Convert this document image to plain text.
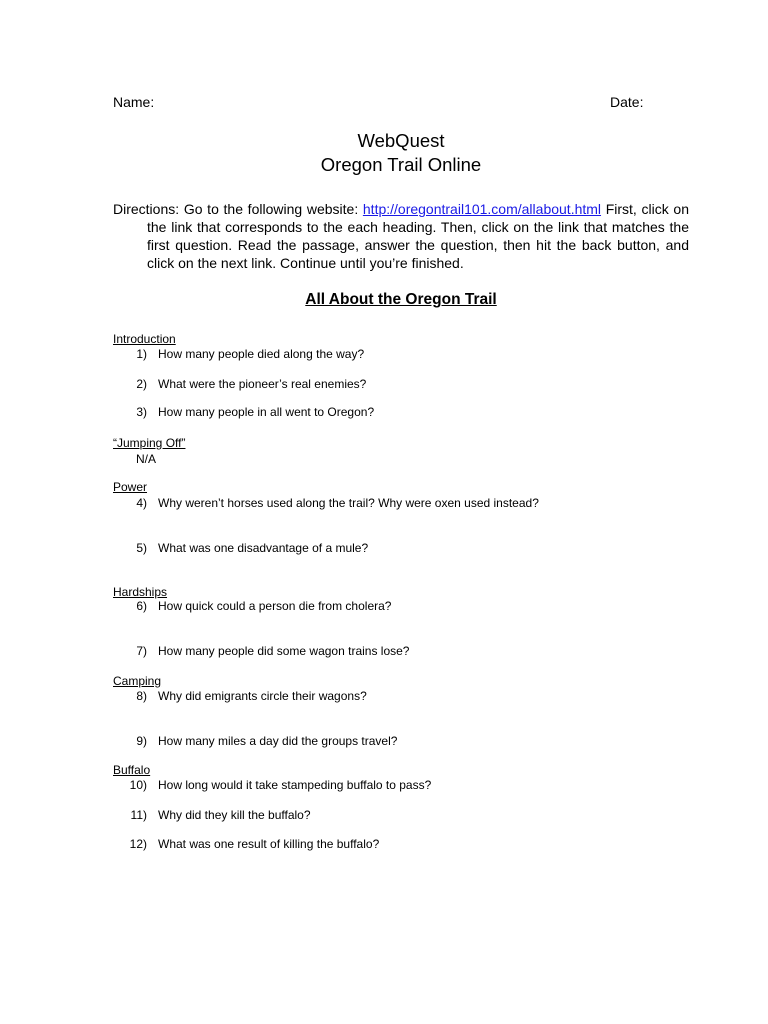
Name:	Date:
WebQuest
Oregon Trail Online
Directions: Go to the following website: http://oregontrail101.com/allabout.html First, click on the link that corresponds to the each heading. Then, click on the link that matches the first question. Read the passage, answer the question, then hit the back button, and click on the next link. Continue until you’re finished.
All About the Oregon Trail
Introduction
1) How many people died along the way?
2) What were the pioneer’s real enemies?
3) How many people in all went to Oregon?
“Jumping Off”
N/A
Power
4) Why weren’t horses used along the trail? Why were oxen used instead?
5) What was one disadvantage of a mule?
Hardships
6) How quick could a person die from cholera?
7) How many people did some wagon trains lose?
Camping
8) Why did emigrants circle their wagons?
9) How many miles a day did the groups travel?
Buffalo
10) How long would it take stampeding buffalo to pass?
11) Why did they kill the buffalo?
12) What was one result of killing the buffalo?
